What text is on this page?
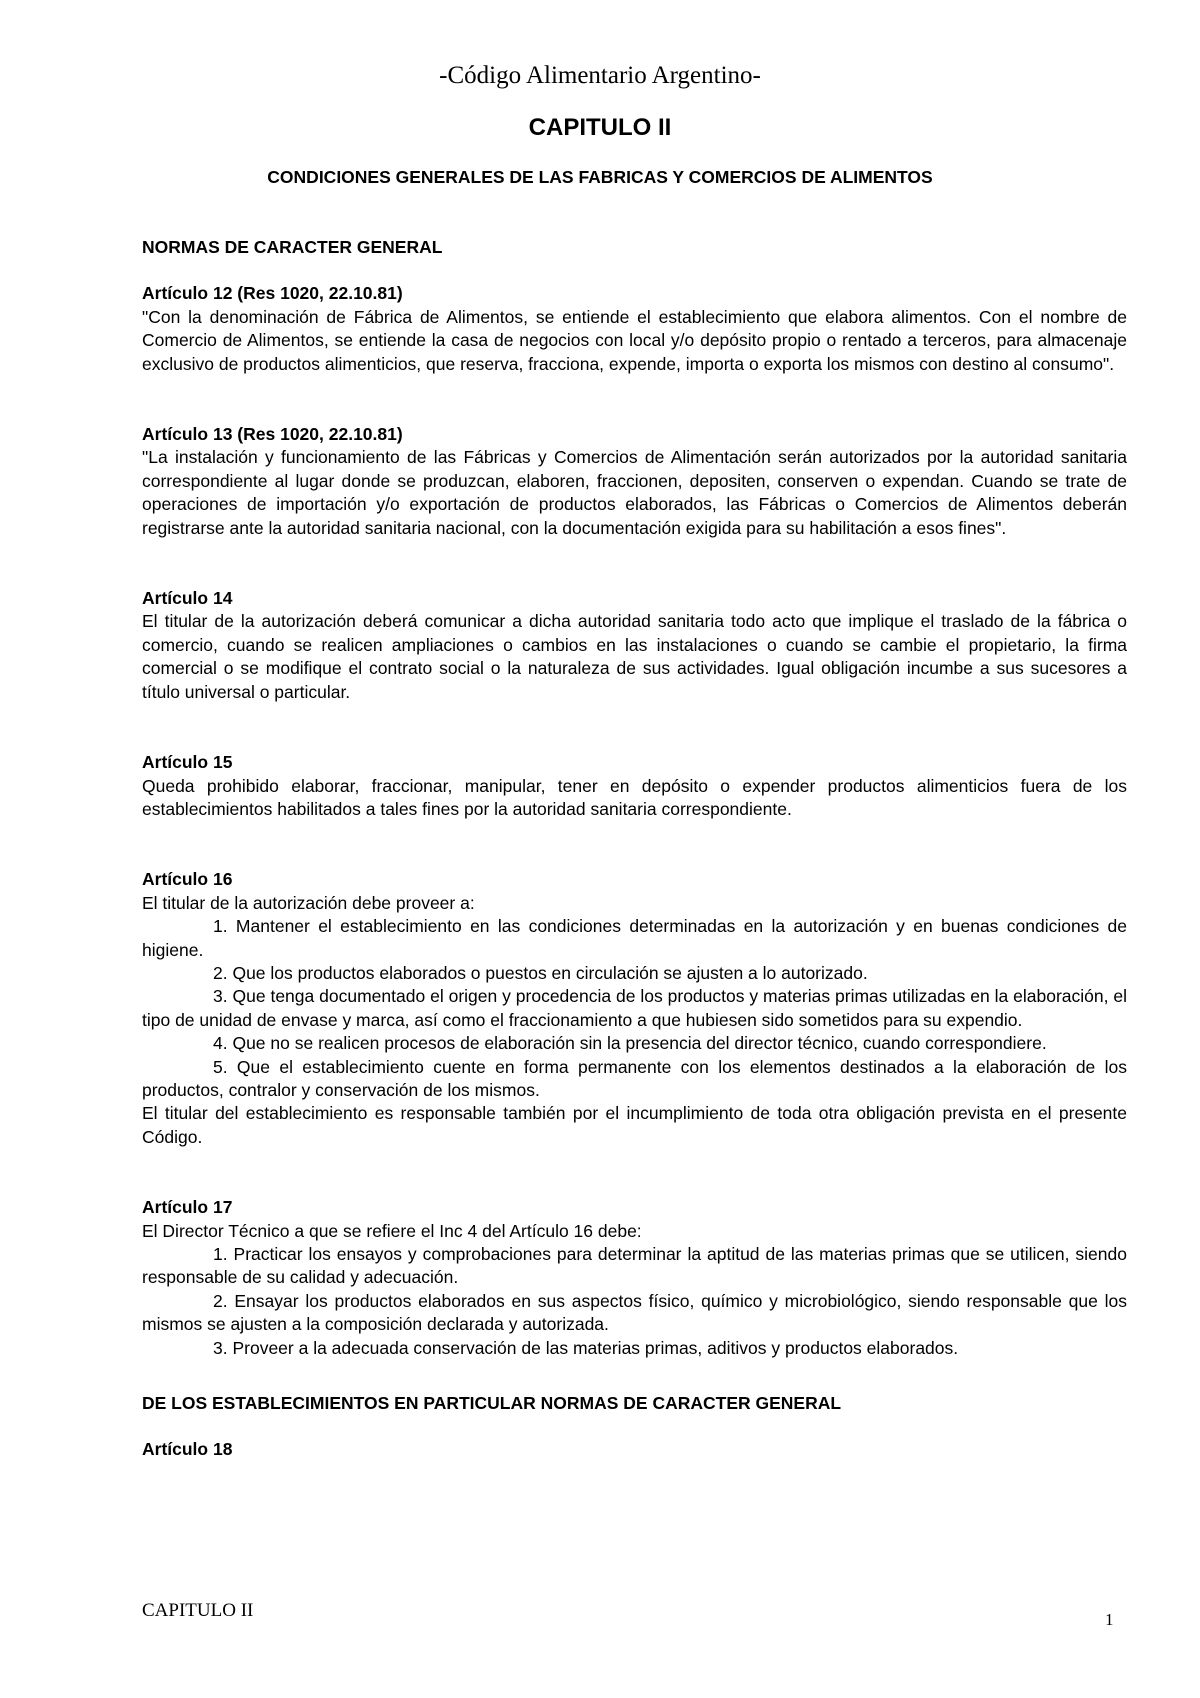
-Código Alimentario Argentino-
CAPITULO II
CONDICIONES GENERALES DE LAS FABRICAS Y COMERCIOS DE ALIMENTOS

NORMAS DE CARACTER GENERAL

Artículo 12 (Res 1020, 22.10.81)

"Con la denominación de Fábrica de Alimentos, se entiende el establecimiento que elabora alimentos. Con el nombre de Comercio de Alimentos, se entiende la casa de negocios con local y/o depósito propio o rentado a terceros, para almacenaje exclusivo de productos alimenticios, que reserva, fracciona, expende, importa o exporta los mismos con destino al consumo".

Artículo 13 (Res 1020, 22.10.81)

"La instalación y funcionamiento de las Fábricas y Comercios de Alimentación serán autorizados por la autoridad sanitaria correspondiente al lugar donde se produzcan, elaboren, fraccionen, depositen, conserven o expendan. Cuando se trate de operaciones de importación y/o exportación de productos elaborados, las Fábricas o Comercios de Alimentos deberán registrarse ante la autoridad sanitaria nacional, con la documentación exigida para su habilitación a esos fines".

Artículo 14

El titular de la autorización deberá comunicar a dicha autoridad sanitaria todo acto que implique el traslado de la fábrica o comercio, cuando se realicen ampliaciones o cambios en las instalaciones o cuando se cambie el propietario, la firma comercial o se modifique el contrato social o la naturaleza de sus actividades. Igual obligación incumbe a sus sucesores a título universal o particular.

Artículo 15

Queda prohibido elaborar, fraccionar, manipular, tener en depósito o expender productos alimenticios fuera de los establecimientos habilitados a tales fines por la autoridad sanitaria correspondiente.

Artículo 16

El titular de la autorización debe proveer a:

1. Mantener el establecimiento en las condiciones determinadas en la autorización y en buenas condiciones de higiene.

2. Que los productos elaborados o puestos en circulación se ajusten a lo autorizado.

3. Que tenga documentado el origen y procedencia de los productos y materias primas utilizadas en la elaboración, el tipo de unidad de envase y marca, así como el fraccionamiento a que hubiesen sido sometidos para su expendio.

4. Que no se realicen procesos de elaboración sin la presencia del director técnico, cuando correspondiere.

5. Que el establecimiento cuente en forma permanente con los elementos destinados a la elaboración de los productos, contralor y conservación de los mismos.

El titular del establecimiento es responsable también por el incumplimiento de toda otra obligación prevista en el presente Código.

Artículo 17

El Director Técnico a que se refiere el Inc 4 del Artículo 16 debe:

1. Practicar los ensayos y comprobaciones para determinar la aptitud de las materias primas que se utilicen, siendo responsable de su calidad y adecuación.

2. Ensayar los productos elaborados en sus aspectos físico, químico y microbiológico, siendo responsable que los mismos se ajusten a la composición declarada y autorizada.

3. Proveer a la adecuada conservación de las materias primas, aditivos y productos elaborados.

DE LOS ESTABLECIMIENTOS EN PARTICULAR NORMAS DE CARACTER GENERAL

Artículo 18

CAPITULO II	1
